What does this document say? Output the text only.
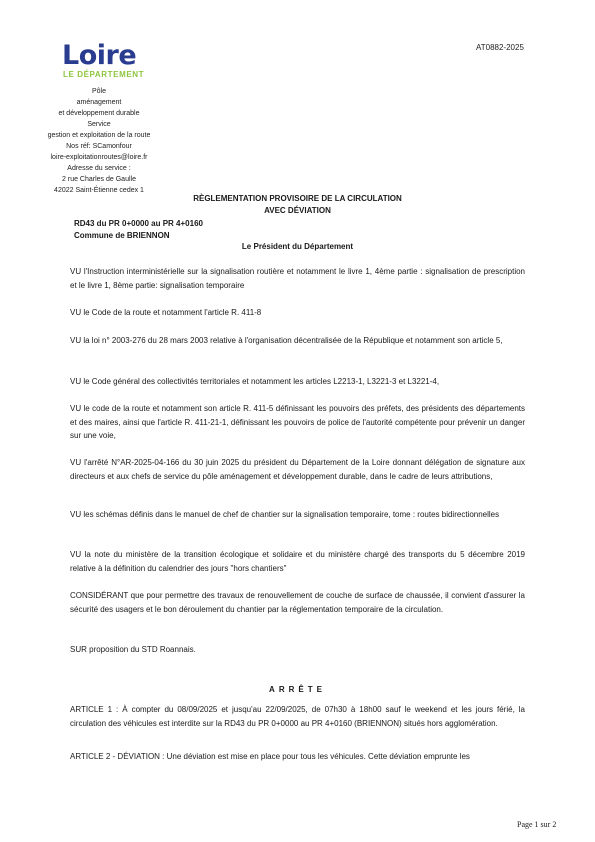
Loire
LE DÉPARTEMENT
AT0882-2025
Pôle
aménagement
et développement durable
Service
gestion et exploitation de la route
Nos réf: SCamonfour
loire-exploitationroutes@loire.fr
Adresse du service :
2 rue Charles de Gaulle
42022 Saint-Étienne cedex 1
RÈGLEMENTATION PROVISOIRE DE LA CIRCULATION
AVEC DÉVIATION
RD43 du PR 0+0000 au PR 4+0160
Commune de BRIENNON
Le Président du Département
VU l'Instruction interministérielle sur la signalisation routière et notamment le livre 1, 4ème partie : signalisation de prescription et le livre 1, 8ème partie: signalisation temporaire
VU le Code de la route et notamment l'article R. 411-8
VU la loi n° 2003-276 du 28 mars 2003 relative à l'organisation décentralisée de la République et notamment son article 5,
VU le Code général des collectivités territoriales et notamment les articles L2213-1, L3221-3 et L3221-4,
VU le code de la route et notamment son article R. 411-5 définissant les pouvoirs des préfets, des présidents des départements et des maires, ainsi que l'article R. 411-21-1, définissant les pouvoirs de police de l'autorité compétente pour prévenir un danger sur une voie,
VU l'arrêté N°AR-2025-04-166 du 30 juin 2025 du président du Département de la Loire donnant délégation de signature aux directeurs et aux chefs de service du pôle aménagement et développement durable, dans le cadre de leurs attributions,
VU les schémas définis dans le manuel de chef de chantier sur la signalisation temporaire, tome : routes bidirectionnelles
VU la note du ministère de la transition écologique et solidaire et du ministère chargé des transports du 5 décembre 2019 relative à la définition du calendrier des jours "hors chantiers"
CONSIDÉRANT que pour permettre des travaux de renouvellement de couche de surface de chaussée, il convient d'assurer la sécurité des usagers et le bon déroulement du chantier par la réglementation temporaire de la circulation.
SUR proposition du STD Roannais.
ARRÊTE
ARTICLE 1 : À compter du 08/09/2025 et jusqu'au 22/09/2025, de 07h30 à 18h00 sauf le weekend et les jours férié, la circulation des véhicules est interdite sur la RD43 du PR 0+0000 au PR 4+0160 (BRIENNON) situés hors agglomération.
ARTICLE 2 - DÉVIATION : Une déviation est mise en place pour tous les véhicules. Cette déviation emprunte les
Page 1 sur 2
